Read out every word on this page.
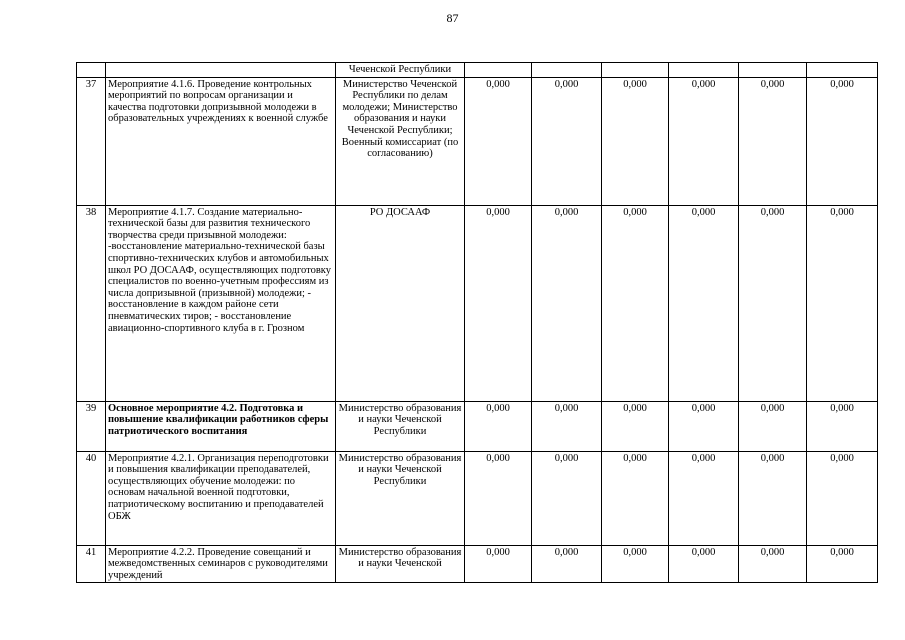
87
		Чеченской Республики						
37	Мероприятие 4.1.6. Проведение контрольных мероприятий по вопросам организации и качества подготовки допризывной молодежи в образовательных учреждениях к военной службе	Министерство Чеченской Республики по делам молодежи; Министерство образования и науки Чеченской Республики; Военный комиссариат (по согласованию)	0,000	0,000	0,000	0,000	0,000	0,000
38	Мероприятие 4.1.7. Создание материально-технической базы для развития технического творчества среди призывной молодежи: -восстановление материально-технической базы спортивно-технических клубов и автомобильных школ РО ДОСААФ, осуществляющих подготовку специалистов по военно-учетным профессиям из числа допризывной (призывной) молодежи; - восстановление в каждом районе сети пневматических тиров; - восстановление авиационно-спортивного клуба в г. Грозном	РО ДОСААФ	0,000	0,000	0,000	0,000	0,000	0,000
39	Основное мероприятие 4.2. Подготовка и повышение квалификации работников сферы патриотического воспитания	Министерство образования и науки Чеченской Республики	0,000	0,000	0,000	0,000	0,000	0,000
40	Мероприятие 4.2.1. Организация переподготовки и повышения квалификации преподавателей, осуществляющих обучение молодежи: по основам начальной военной подготовки, патриотическому воспитанию и преподавателей ОБЖ	Министерство образования и науки Чеченской Республики	0,000	0,000	0,000	0,000	0,000	0,000
41	Мероприятие 4.2.2. Проведение совещаний и межведомственных семинаров с руководителями учреждений	Министерство образования и науки Чеченской	0,000	0,000	0,000	0,000	0,000	0,000
